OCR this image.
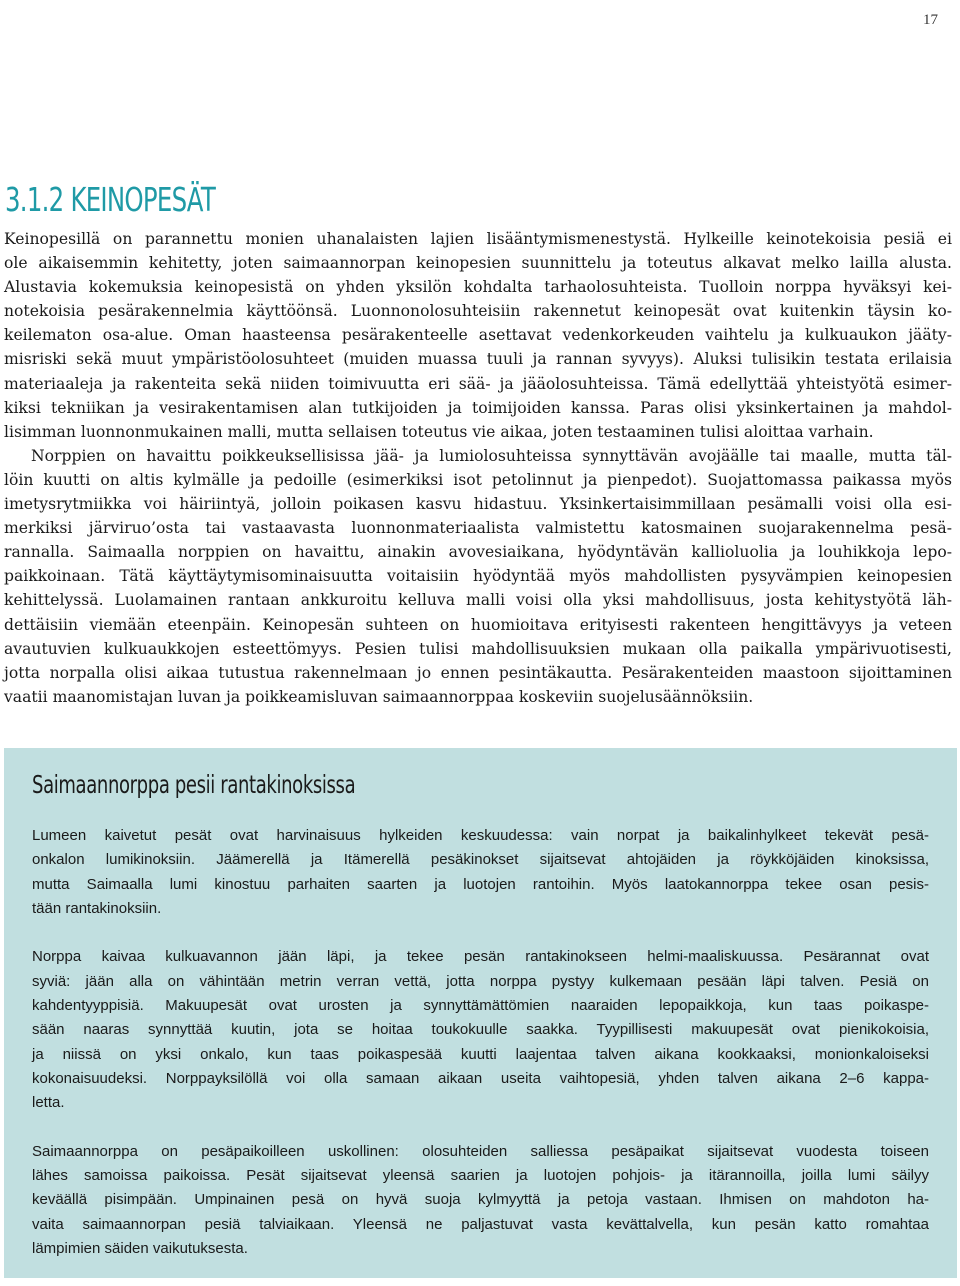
17
3.1.2 KEINOPESÄT
Keinopesillä on parannettu monien uhanalaisten lajien lisääntymismenestystä. Hylkeille keinotekoisia pesiä ei
ole aikaisemmin kehitetty, joten saimaannorpan keinopesien suunnittelu ja toteutus alkavat melko lailla alusta.
Alustavia kokemuksia keinopesistä on yhden yksilön kohdalta tarhaolosuhteista. Tuolloin norppa hyväksyi kei-
notekoisia pesärakennelmia käyttöönsä. Luonnonolosuhteisiin rakennetut keinopesät ovat kuitenkin täysin ko-
keilematon osa-alue. Oman haasteensa pesärakenteelle asettavat vedenkorkeuden vaihtelu ja kulkuaukon jääty-
misriski sekä muut ympäristöolosuhteet (muiden muassa tuuli ja rannan syvyys). Aluksi tulisikin testata erilaisia
materiaaleja ja rakenteita sekä niiden toimivuutta eri sää- ja jääolosuhteissa. Tämä edellyttää yhteistyötä esimer-
kiksi tekniikan ja vesirakentamisen alan tutkijoiden ja toimijoiden kanssa. Paras olisi yksinkertainen ja mahdol-
lisimman luonnonmukainen malli, mutta sellaisen toteutus vie aikaa, joten testaaminen tulisi aloittaa varhain.
Norppien on havaittu poikkeuksellisissa jää- ja lumiolosuhteissa synnyttävän avojäälle tai maalle, mutta täl-
löin kuutti on altis kylmälle ja pedoille (esimerkiksi isot petolinnut ja pienpedot). Suojattomassa paikassa myös
imetysrytmiikka voi häiriintyä, jolloin poikasen kasvu hidastuu. Yksinkertaisimmillaan pesämalli voisi olla esi-
merkiksi järviruo’osta tai vastaavasta luonnonmateriaalista valmistettu katosmainen suojarakennelma pesä-
rannalla. Saimaalla norppien on havaittu, ainakin avovesiaikana, hyödyntävän kallioluolia ja louhikkoja lepo-
paikkoinaan. Tätä käyttäytymisominaisuutta voitaisiin hyödyntää myös mahdollisten pysyvämpien keinopesien
kehittelyssä. Luolamainen rantaan ankkuroitu kelluva malli voisi olla yksi mahdollisuus, josta kehitystyötä läh-
dettäisiin viemään eteenpäin. Keinopesän suhteen on huomioitava erityisesti rakenteen hengittävyys ja veteen
avautuvien kulkuaukkojen esteettömyys. Pesien tulisi mahdollisuuksien mukaan olla paikalla ympärivuotisesti,
jotta norpalla olisi aikaa tutustua rakennelmaan jo ennen pesintäkautta. Pesärakenteiden maastoon sijoittaminen
vaatii maanomistajan luvan ja poikkeamisluvan saimaannorppaa koskeviin suojelusäännöksiin.
Saimaannorppa pesii rantakinoksissa
Lumeen kaivetut pesät ovat harvinaisuus hylkeiden keskuudessa: vain norpat ja baikalinhylkeet tekevät pesä-
onkalon lumikinoksiin. Jäämerellä ja Itämerellä pesäkinokset sijaitsevat ahtojäiden ja röykköjäiden kinoksissa,
mutta Saimaalla lumi kinostuu parhaiten saarten ja luotojen rantoihin. Myös laatokannorppa tekee osan pesis-
tään rantakinoksiin.
Norppa kaivaa kulkuavannon jään läpi, ja tekee pesän rantakinokseen helmi-maaliskuussa. Pesärannat ovat
syviä: jään alla on vähintään metrin verran vettä, jotta norppa pystyy kulkemaan pesään läpi talven. Pesiä on
kahdentyyppisiä. Makuupesät ovat urosten ja synnyttämättömien naaraiden lepopaikkoja, kun taas poikaspe-
sään naaras synnyttää kuutin, jota se hoitaa toukokuulle saakka. Tyypillisesti makuupesät ovat pienikokoisia,
ja niissä on yksi onkalo, kun taas poikaspesää kuutti laajentaa talven aikana kookkaaksi, monionkaloiseksi
kokonaisuudeksi. Norppayksilöllä voi olla samaan aikaan useita vaihtopesiä, yhden talven aikana 2–6 kappa-
letta.
Saimaannorppa on pesäpaikoilleen uskollinen: olosuhteiden salliessa pesäpaikat sijaitsevat vuodesta toiseen
lähes samoissa paikoissa. Pesät sijaitsevat yleensä saarien ja luotojen pohjois- ja itärannoilla, joilla lumi säilyy
keväällä pisimpään. Umpinainen pesä on hyvä suoja kylmyyttä ja petoja vastaan. Ihmisen on mahdoton ha-
vaita saimaannorpan pesiä talviaikaan. Yleensä ne paljastuvat vasta kevättalvella, kun pesän katto romahtaa
lämpimien säiden vaikutuksesta.
